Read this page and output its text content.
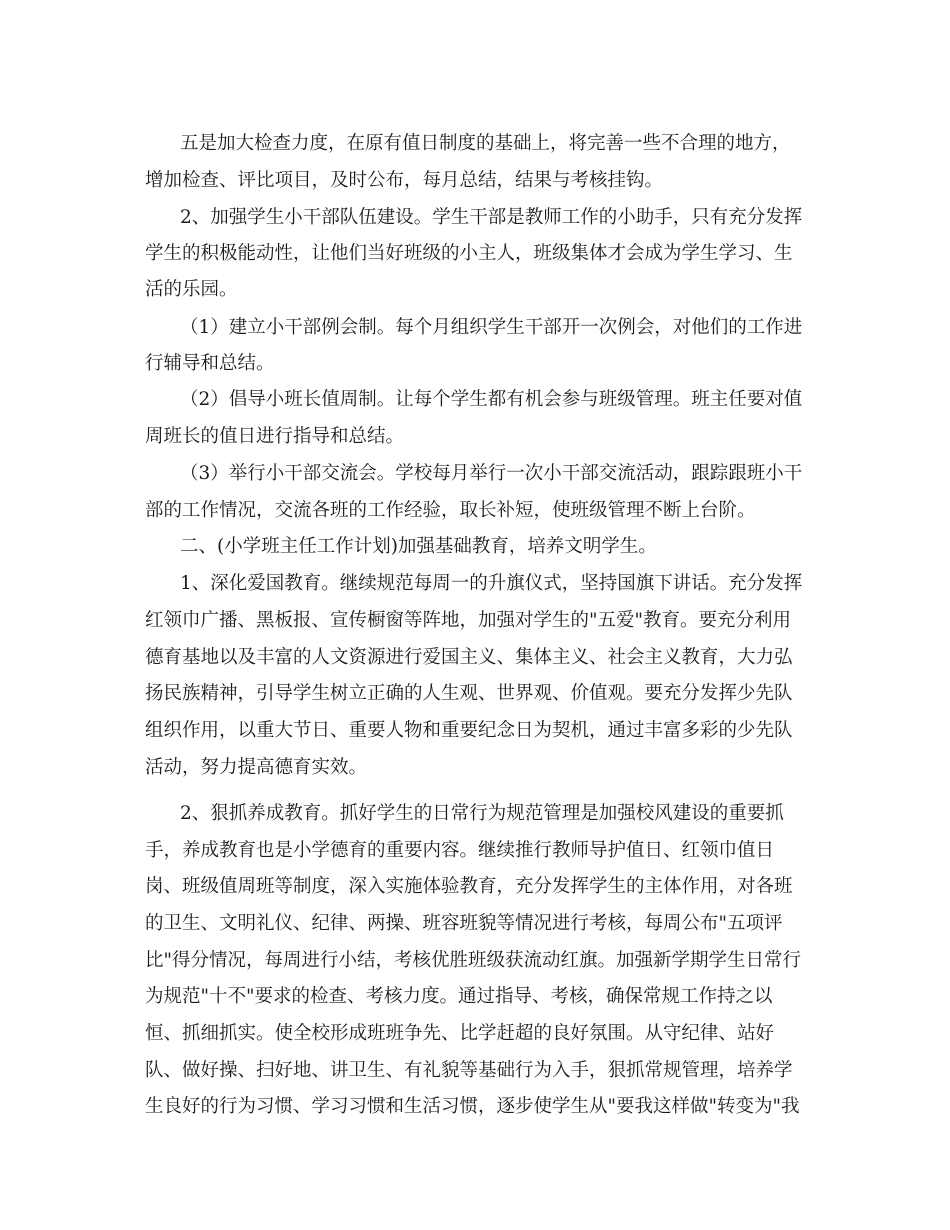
五是加大检查力度，在原有值日制度的基础上，将完善一些不合理的地方，
增加检查、评比项目，及时公布，每月总结，结果与考核挂钩。
2、加强学生小干部队伍建设。学生干部是教师工作的小助手，只有充分发挥
学生的积极能动性，让他们当好班级的小主人，班级集体才会成为学生学习、生
活的乐园。
（1）建立小干部例会制。每个月组织学生干部开一次例会，对他们的工作进
行辅导和总结。
（2）倡导小班长值周制。让每个学生都有机会参与班级管理。班主任要对值
周班长的值日进行指导和总结。
（3）举行小干部交流会。学校每月举行一次小干部交流活动，跟踪跟班小干
部的工作情况，交流各班的工作经验，取长补短，使班级管理不断上台阶。
二、(小学班主任工作计划)加强基础教育，培养文明学生。
1、深化爱国教育。继续规范每周一的升旗仪式，坚持国旗下讲话。充分发挥
红领巾广播、黑板报、宣传橱窗等阵地，加强对学生的"五爱"教育。要充分利用
德育基地以及丰富的人文资源进行爱国主义、集体主义、社会主义教育，大力弘
扬民族精神，引导学生树立正确的人生观、世界观、价值观。要充分发挥少先队
组织作用，以重大节日、重要人物和重要纪念日为契机，通过丰富多彩的少先队
活动，努力提高德育实效。
2、狠抓养成教育。抓好学生的日常行为规范管理是加强校风建设的重要抓
手，养成教育也是小学德育的重要内容。继续推行教师导护值日、红领巾值日
岗、班级值周班等制度，深入实施体验教育，充分发挥学生的主体作用，对各班
的卫生、文明礼仪、纪律、两操、班容班貌等情况进行考核，每周公布"五项评
比"得分情况，每周进行小结，考核优胜班级获流动红旗。加强新学期学生日常行
为规范"十不"要求的检查、考核力度。通过指导、考核，确保常规工作持之以
恒、抓细抓实。使全校形成班班争先、比学赶超的良好氛围。从守纪律、站好
队、做好操、扫好地、讲卫生、有礼貌等基础行为入手，狠抓常规管理，培养学
生良好的行为习惯、学习习惯和生活习惯，逐步使学生从"要我这样做"转变为"我
